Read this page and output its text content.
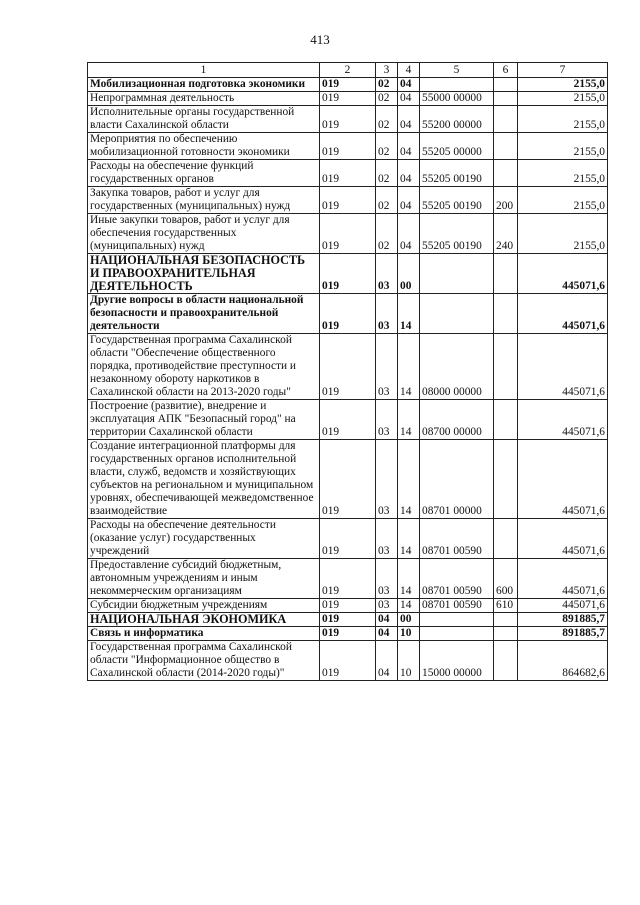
413
1	2	3	4	5	6	7
Мобилизационная подготовка экономики	019	02	04			2155,0
Непрограммная деятельность	019	02	04	55000 00000		2155,0
Исполнительные органы государственной власти Сахалинской области	019	02	04	55200 00000		2155,0
Мероприятия по обеспечению мобилизационной готовности экономики	019	02	04	55205 00000		2155,0
Расходы на обеспечение функций государственных органов	019	02	04	55205 00190		2155,0
Закупка товаров, работ и услуг для государственных (муниципальных) нужд	019	02	04	55205 00190	200	2155,0
Иные закупки товаров, работ и услуг для обеспечения государственных (муниципальных) нужд	019	02	04	55205 00190	240	2155,0
НАЦИОНАЛЬНАЯ БЕЗОПАСНОСТЬ И ПРАВООХРАНИТЕЛЬНАЯ ДЕЯТЕЛЬНОСТЬ	019	03	00			445071,6
Другие вопросы в области национальной безопасности и правоохранительной деятельности	019	03	14			445071,6
Государственная программа Сахалинской области "Обеспечение общественного порядка, противодействие преступности и незаконному обороту наркотиков в Сахалинской области на 2013-2020 годы"	019	03	14	08000 00000		445071,6
Построение (развитие), внедрение и эксплуатация АПК "Безопасный город" на территории Сахалинской области	019	03	14	08700 00000		445071,6
Создание интеграционной платформы для государственных органов исполнительной власти, служб, ведомств и хозяйствующих субъектов на региональном и муниципальном уровнях, обеспечивающей межведомственное взаимодействие	019	03	14	08701 00000		445071,6
Расходы на обеспечение деятельности (оказание услуг) государственных учреждений	019	03	14	08701 00590		445071,6
Предоставление субсидий бюджетным, автономным учреждениям и иным некоммерческим организациям	019	03	14	08701 00590	600	445071,6
Субсидии бюджетным учреждениям	019	03	14	08701 00590	610	445071,6
НАЦИОНАЛЬНАЯ ЭКОНОМИКА	019	04	00			891885,7
Связь и информатика	019	04	10			891885,7
Государственная программа Сахалинской области "Информационное общество в Сахалинской области (2014-2020 годы)"	019	04	10	15000 00000		864682,6
